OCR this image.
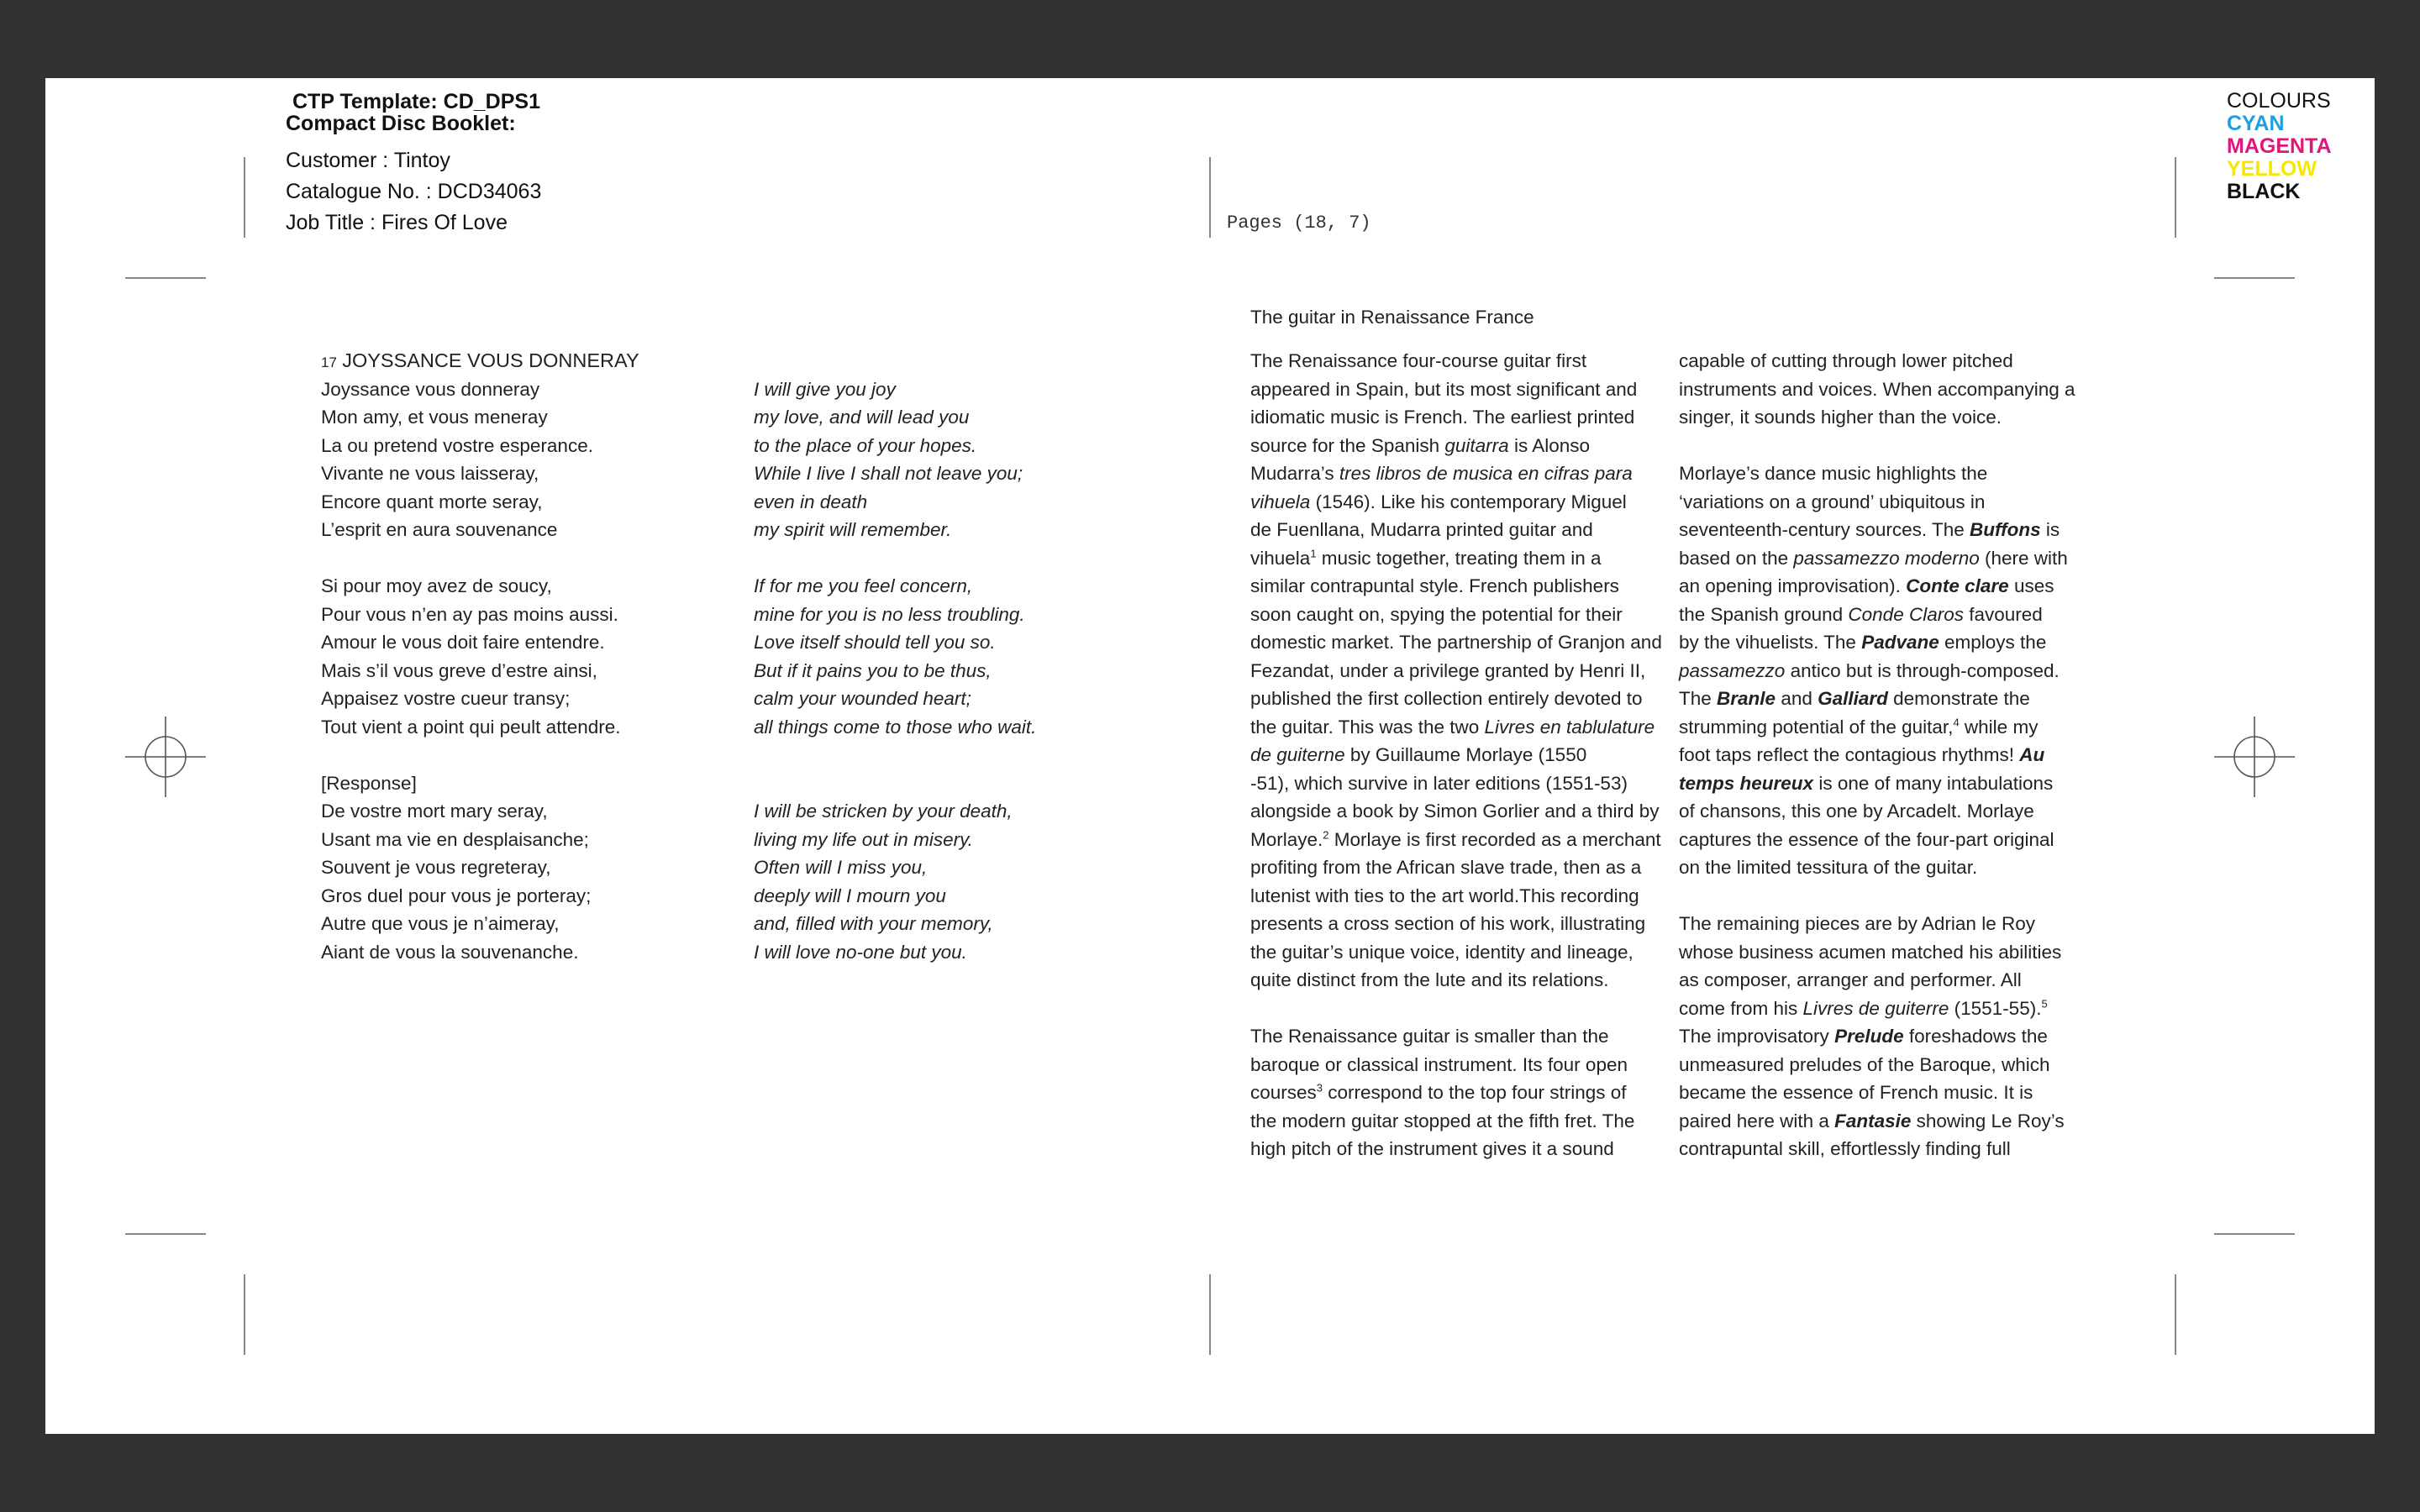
CTP Template: CD_DPS1
Compact Disc Booklet:
Customer : Tintoy
Catalogue No. : DCD34063
Job Title : Fires Of Love	Pages (18, 7)
COLOURS
CYAN
MAGENTA
YELLOW
BLACK
17 JOYSSANCE VOUS DONNERAY
Joyssance vous donneray
Mon amy, et vous meneray
La ou pretend vostre esperance.
Vivante ne vous laisseray,
Encore quant morte seray,
L’esprit en aura souvenance
Si pour moy avez de soucy,
Pour vous n’en ay pas moins aussi.
Amour le vous doit faire entendre.
Mais s’il vous greve d’estre ainsi,
Appaisez vostre cueur transy;
Tout vient a point qui peult attendre.
[Response]
De vostre mort mary seray,
Usant ma vie en desplaisanche;
Souvent je vous regreteray,
Gros duel pour vous je porteray;
Autre que vous je n’aimeray,
Aiant de vous la souvenanche.
I will give you joy
my love, and will lead you
to the place of your hopes.
While I live I shall not leave you;
even in death
my spirit will remember.
If for me you feel concern,
mine for you is no less troubling.
Love itself should tell you so.
But if it pains you to be thus,
calm your wounded heart;
all things come to those who wait.
I will be stricken by your death,
living my life out in misery.
Often will I miss you,
deeply will I mourn you
and, filled with your memory,
I will love no-one but you.
The guitar in Renaissance France
The Renaissance four-course guitar first
appeared in Spain, but its most significant and
idiomatic music is French. The earliest printed
source for the Spanish guitarra is Alonso
Mudarra’s tres libros de musica en cifras para
vihuela (1546). Like his contemporary Miguel
de Fuenllana, Mudarra printed guitar and
vihuela$^1$ music together, treating them in a
similar contrapuntal style. French publishers
soon caught on, spying the potential for their
domestic market. The partnership of Granjon and
Fezandat, under a privilege granted by Henri II,
published the first collection entirely devoted to
the guitar. This was the two Livres en tablulature
de guiterne by Guillaume Morlaye (1550
-51), which survive in later editions (1551-53)
alongside a book by Simon Gorlier and a third by
Morlaye.$^2$ Morlaye is first recorded as a merchant
profiting from the African slave trade, then as a
lutenist with ties to the art world.This recording
presents a cross section of his work, illustrating
the guitar’s unique voice, identity and lineage,
quite distinct from the lute and its relations.
The Renaissance guitar is smaller than the
baroque or classical instrument. Its four open
courses$^3$ correspond to the top four strings of
the modern guitar stopped at the fifth fret. The
high pitch of the instrument gives it a sound
capable of cutting through lower pitched
instruments and voices. When accompanying a
singer, it sounds higher than the voice.
Morlaye’s dance music highlights the
‘variations on a ground’ ubiquitous in
seventeenth-century sources. The Buffons is
based on the passamezzo moderno (here with
an opening improvisation). Conte clare uses
the Spanish ground Conde Claros favoured
by the vihuelists. The Padvane employs the
passamezzo antico but is through-composed.
The Branle and Galliard demonstrate the
strumming potential of the guitar,$^4$ while my
foot taps reflect the contagious rhythms! Au
temps heureux is one of many intabulations
of chansons, this one by Arcadelt. Morlaye
captures the essence of the four-part original
on the limited tessitura of the guitar.
The remaining pieces are by Adrian le Roy
whose business acumen matched his abilities
as composer, arranger and performer. All
come from his Livres de guiterre (1551-55).$^5$
The improvisatory Prelude foreshadows the
unmeasured preludes of the Baroque, which
became the essence of French music. It is
paired here with a Fantasie showing Le Roy’s
contrapuntal skill, effortlessly finding full
